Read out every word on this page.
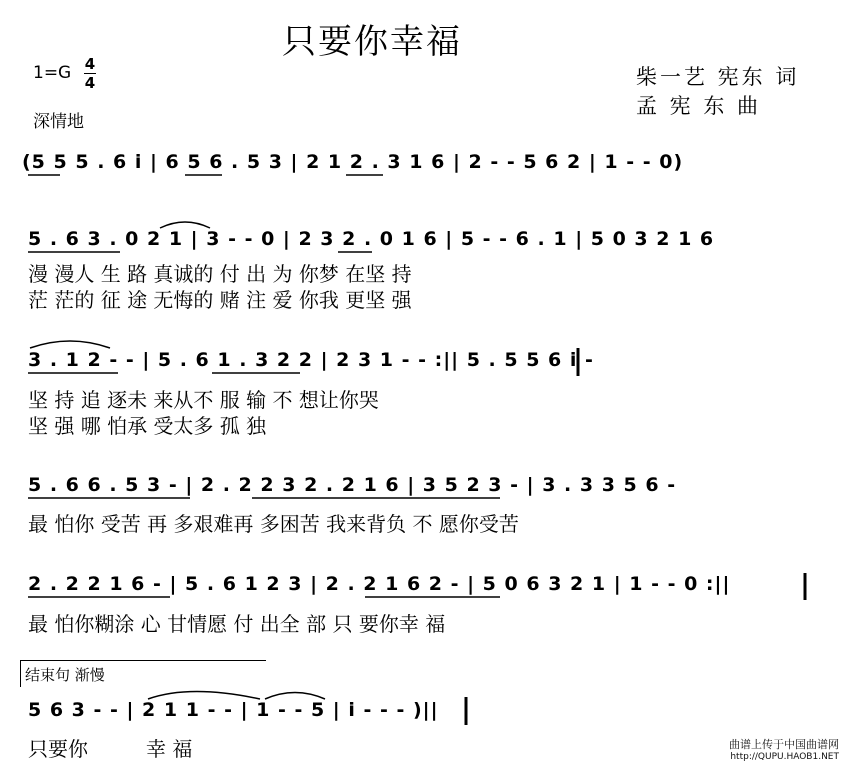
只要你幸福
1=G 4
4
深情地
柴一艺 宪东 词
孟 宪 东 曲
(5 5 5 . 6 i | 6 5 6 . 5 3 | 2 1 2 . 3 1 6 | 2 - - 5 6 2 | 1 - - 0)
5 . 6 3 . 0 2 1 | 3 - - 0 | 2 3 2 . 0 1 6 | 5 - - 6 . 1 | 5 0 3 2 1 6
漫 漫人 生 路 真诚的 付 出 为 你梦 在坚 持
茫 茫的 征 途 无悔的 赌 注 爱 你我 更坚 强
3 . 1 2 - - | 5 . 6 1 . 3 2 2 | 2 3 1 - - :|| 5 . 5 5 6 i -
坚 持 追 逐未 来从不 服 输 不 想让你哭
坚 强 哪 怕承 受太多 孤 独
5 . 6 6 . 5 3 - | 2 . 2 2 3 2 . 2 1 6 | 3 5 2 3 - | 3 . 3 3 5 6 -
最 怕你 受苦 再 多艰难再 多困苦 我来背负 不 愿你受苦
2 . 2 2 1 6 - | 5 . 6 1 2 3 | 2 . 2 1 6 2 - | 5 0 6 3 2 1 | 1 - - 0 :||
最 怕你糊涂 心 甘情愿 付 出全 部 只 要你幸 福
结束句 渐慢
5 6 3 - - | 2 1 1 - - | 1 - - 5 | i - - - )||
只要你	幸 福	曲谱上传于中国曲谱网
http://QUPU.HAOB1.NET
